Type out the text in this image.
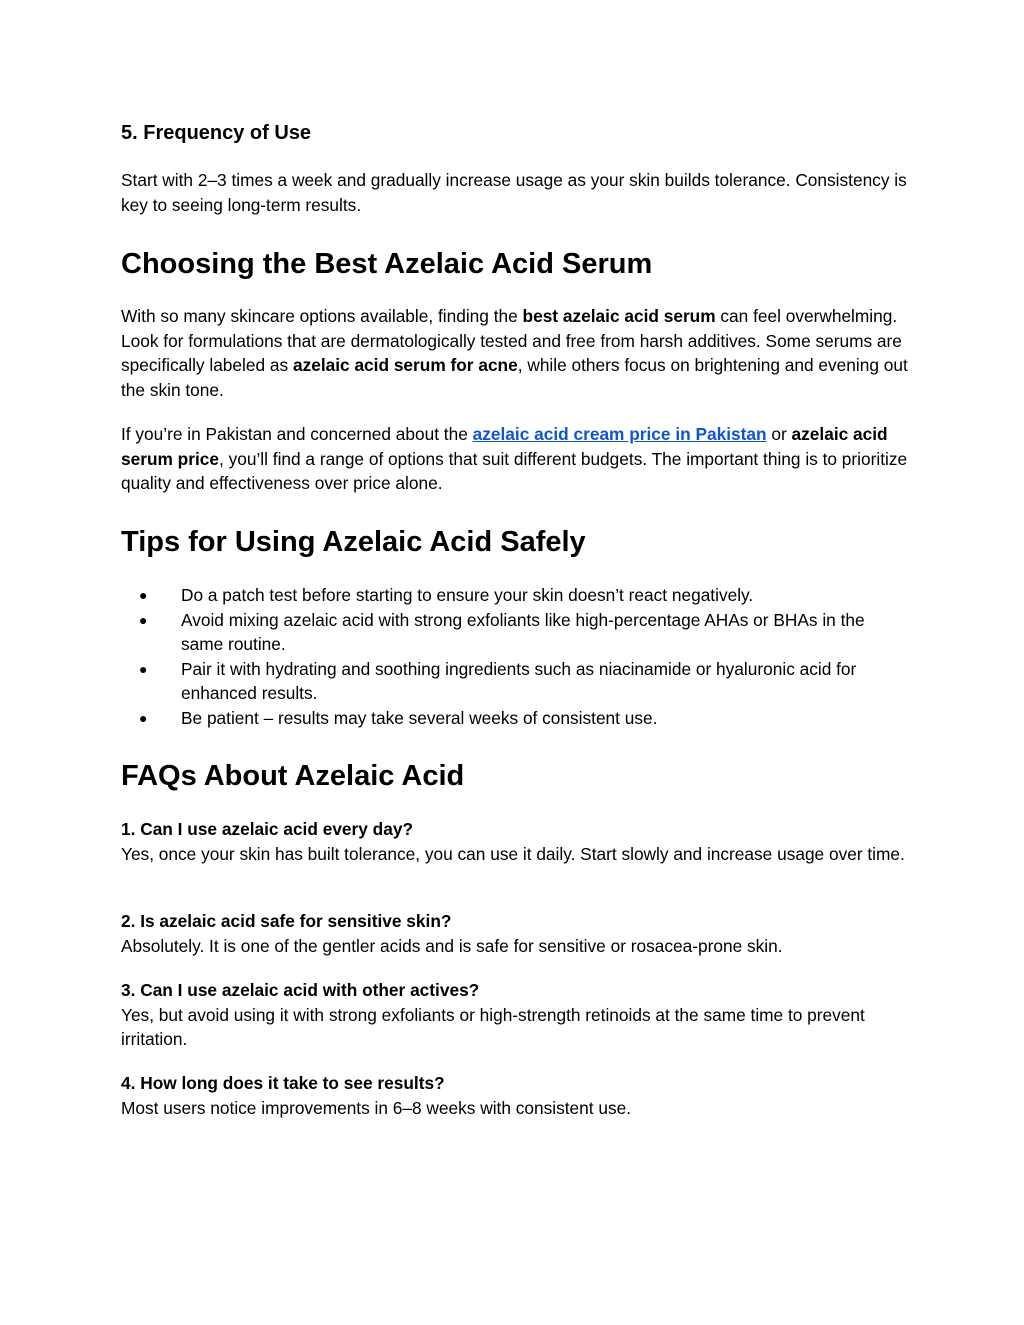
5. Frequency of Use

Start with 2–3 times a week and gradually increase usage as your skin builds tolerance. Consistency is key to seeing long-term results.

Choosing the Best Azelaic Acid Serum

With so many skincare options available, finding the best azelaic acid serum can feel overwhelming. Look for formulations that are dermatologically tested and free from harsh additives. Some serums are specifically labeled as azelaic acid serum for acne, while others focus on brightening and evening out the skin tone.

If you’re in Pakistan and concerned about the azelaic acid cream price in Pakistan or azelaic acid serum price, you’ll find a range of options that suit different budgets. The important thing is to prioritize quality and effectiveness over price alone.

Tips for Using Azelaic Acid Safely
● Do a patch test before starting to ensure your skin doesn’t react negatively.
● Avoid mixing azelaic acid with strong exfoliants like high-percentage AHAs or BHAs in the same routine.
● Pair it with hydrating and soothing ingredients such as niacinamide or hyaluronic acid for enhanced results.
● Be patient – results may take several weeks of consistent use.
FAQs About Azelaic Acid

1. Can I use azelaic acid every day?
Yes, once your skin has built tolerance, you can use it daily. Start slowly and increase usage over time.

2. Is azelaic acid safe for sensitive skin?
Absolutely. It is one of the gentler acids and is safe for sensitive or rosacea-prone skin.

3. Can I use azelaic acid with other actives?
Yes, but avoid using it with strong exfoliants or high-strength retinoids at the same time to prevent irritation.

4. How long does it take to see results?
Most users notice improvements in 6–8 weeks with consistent use.
